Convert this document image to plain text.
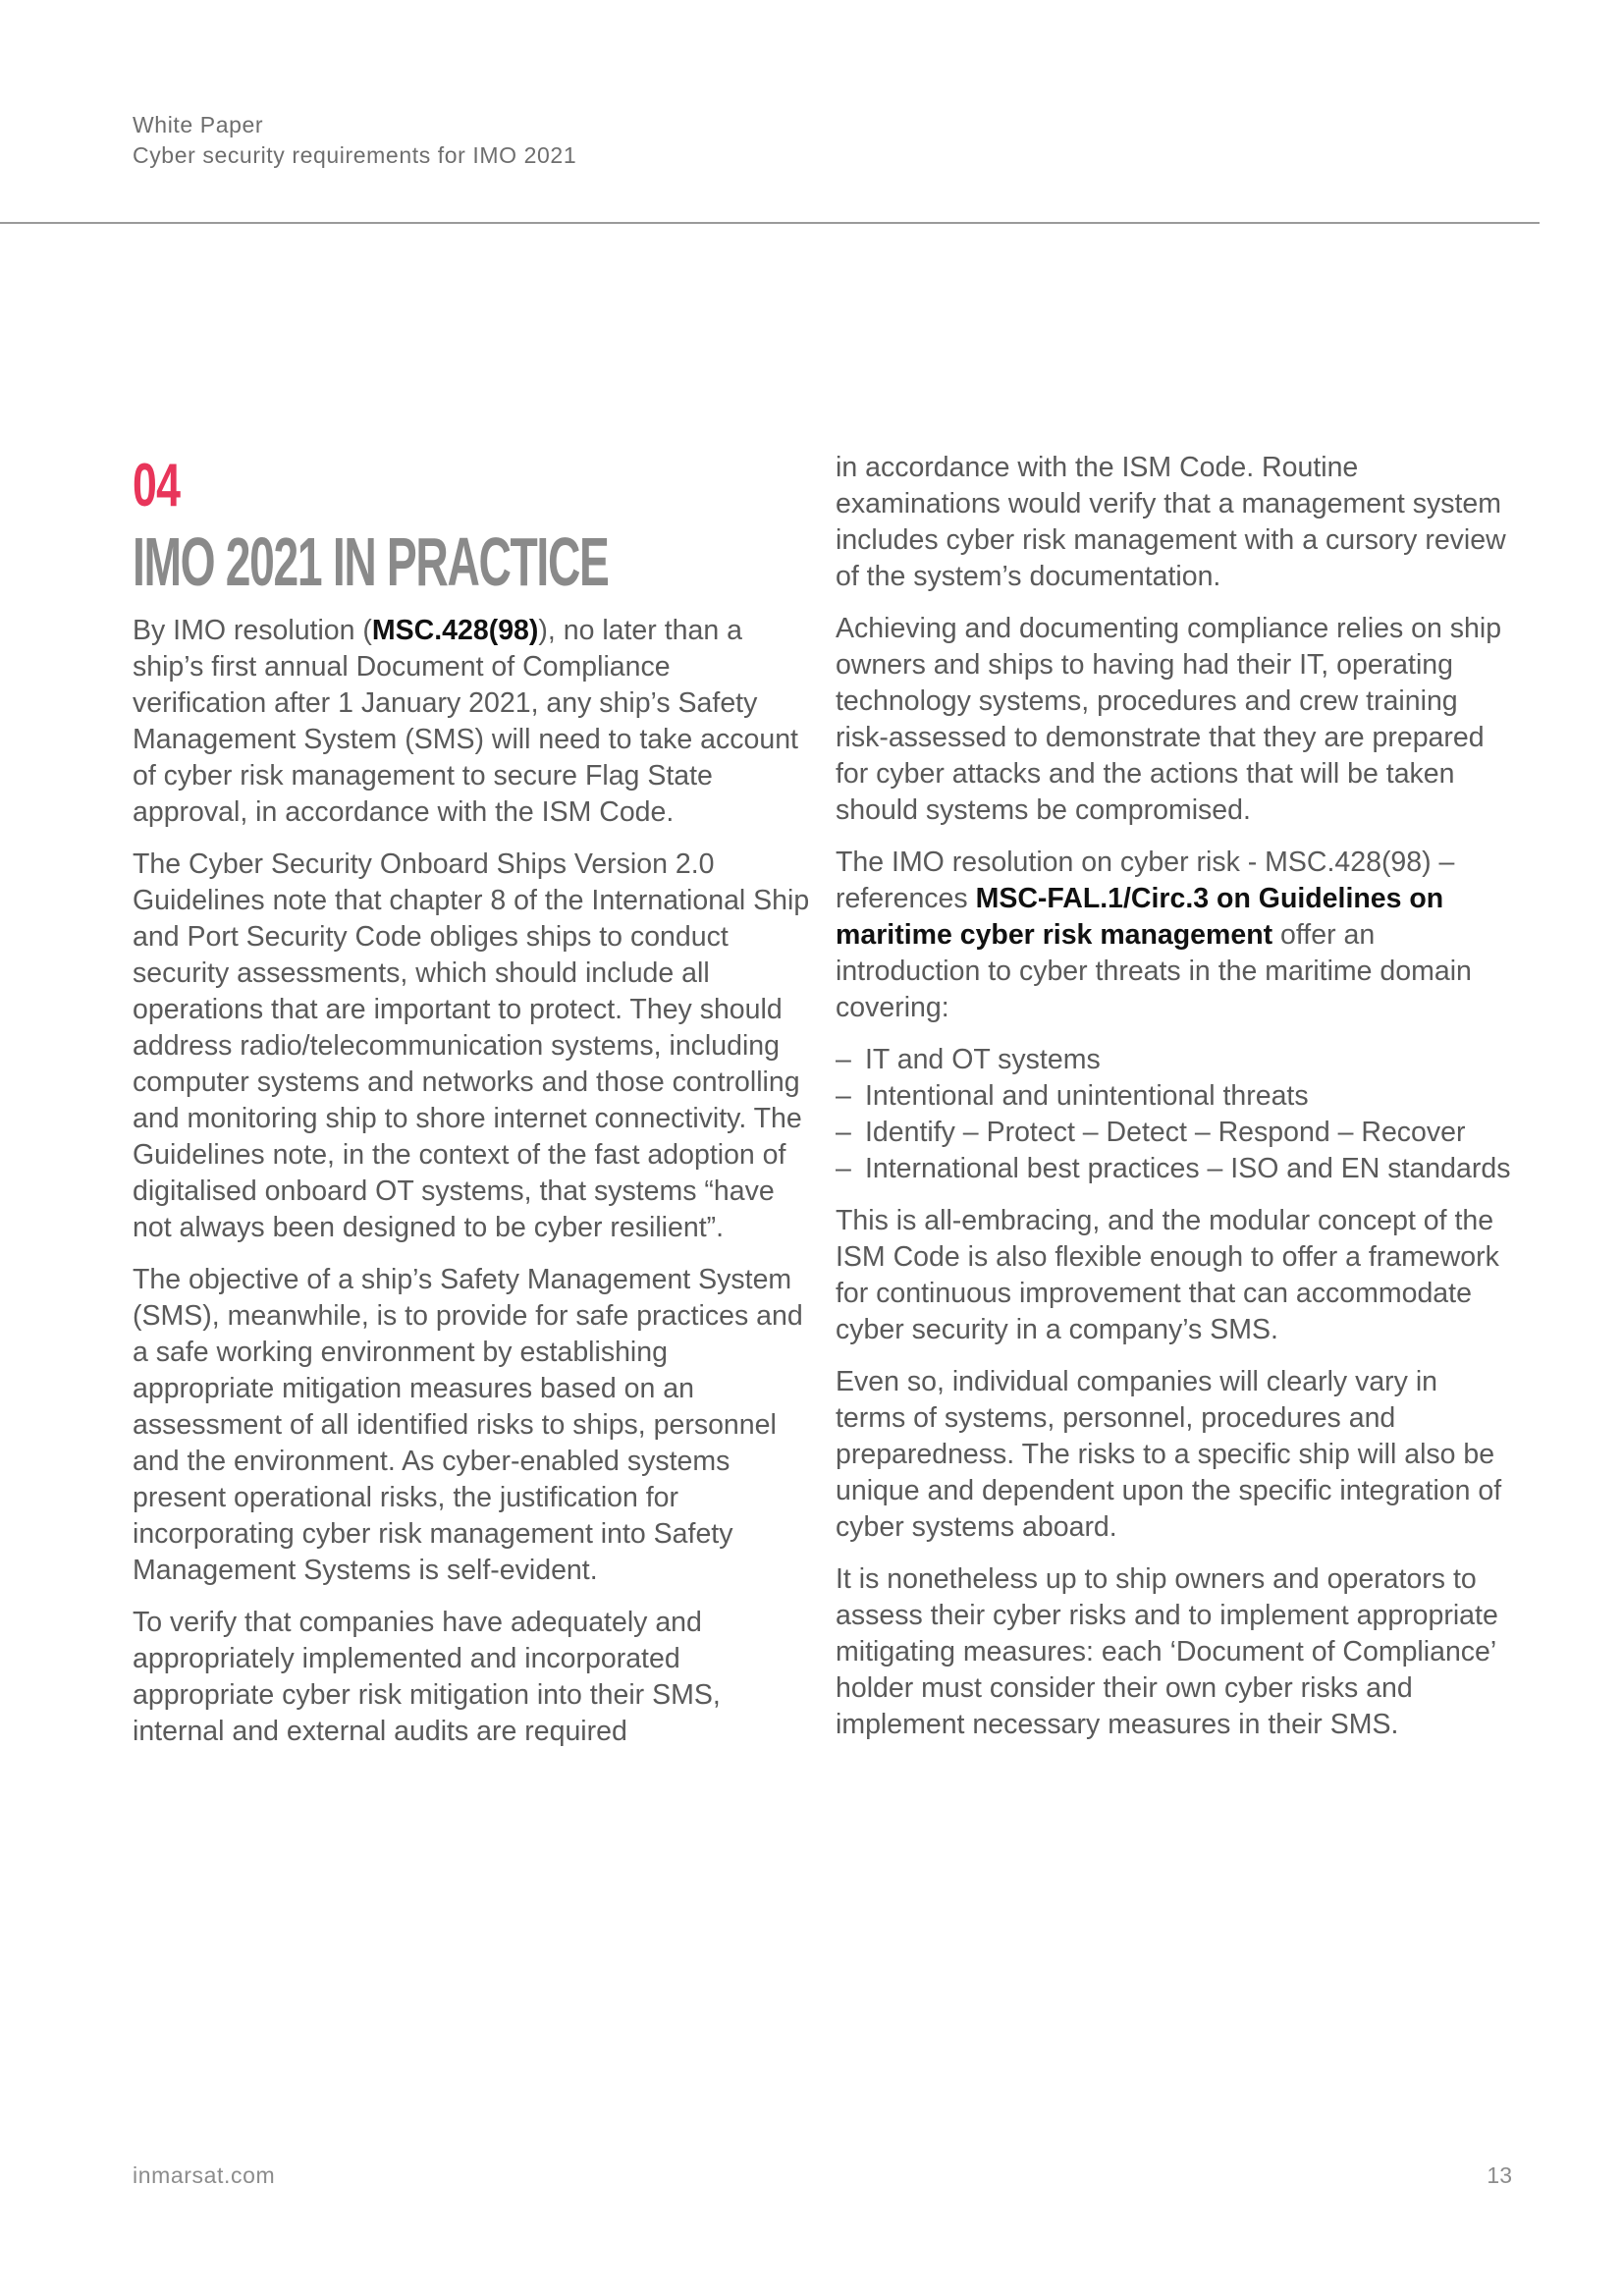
White Paper
Cyber security requirements for IMO 2021
04
IMO 2021 IN PRACTICE

By IMO resolution (MSC.428(98)), no later than a ship’s first annual Document of Compliance verification after 1 January 2021, any ship’s Safety Management System (SMS) will need to take account of cyber risk management to secure Flag State approval, in accordance with the ISM Code.

The Cyber Security Onboard Ships Version 2.0 Guidelines note that chapter 8 of the International Ship and Port Security Code obliges ships to conduct security assessments, which should include all operations that are important to protect. They should address radio/telecommunication systems, including computer systems and networks and those controlling and monitoring ship to shore internet connectivity. The Guidelines note, in the context of the fast adoption of digitalised onboard OT systems, that systems “have not always been designed to be cyber resilient”.

The objective of a ship’s Safety Management System (SMS), meanwhile, is to provide for safe practices and a safe working environment by establishing appropriate mitigation measures based on an assessment of all identified risks to ships, personnel and the environment. As cyber-enabled systems present operational risks, the justification for incorporating cyber risk management into Safety Management Systems is self-evident.

To verify that companies have adequately and appropriately implemented and incorporated appropriate cyber risk mitigation into their SMS, internal and external audits are required

in accordance with the ISM Code. Routine examinations would verify that a management system includes cyber risk management with a cursory review of the system’s documentation.

Achieving and documenting compliance relies on ship owners and ships to having had their IT, operating technology systems, procedures and crew training risk-assessed to demonstrate that they are prepared for cyber attacks and the actions that will be taken should systems be compromised.

The IMO resolution on cyber risk - MSC.428(98) – references MSC-FAL.1/Circ.3 on Guidelines on maritime cyber risk management offer an introduction to cyber threats in the maritime domain covering:

– IT and OT systems
– Intentional and unintentional threats
– Identify – Protect – Detect – Respond – Recover
– International best practices – ISO and EN standards

This is all-embracing, and the modular concept of the ISM Code is also flexible enough to offer a framework for continuous improvement that can accommodate cyber security in a company’s SMS.

Even so, individual companies will clearly vary in terms of systems, personnel, procedures and preparedness. The risks to a specific ship will also be unique and dependent upon the specific integration of cyber systems aboard.

It is nonetheless up to ship owners and operators to assess their cyber risks and to implement appropriate mitigating measures: each ‘Document of Compliance’ holder must consider their own cyber risks and implement necessary measures in their SMS.

inmarsat.com	13
